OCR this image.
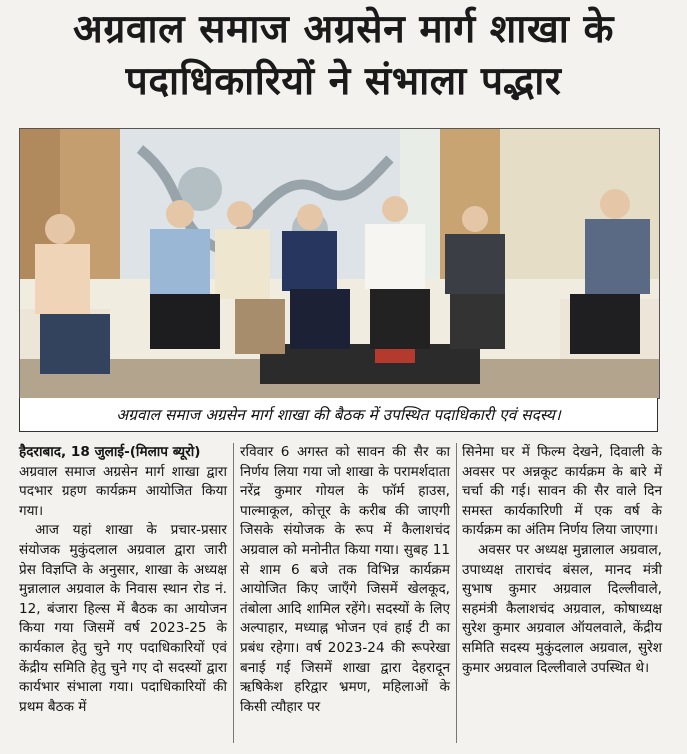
अग्रवाल समाज अग्रसेन मार्ग शाखा के
पदाधिकारियों ने संभाला पद्भार
अग्रवाल समाज अग्रसेन मार्ग शाखा की बैठक में उपस्थित पदाधिकारी एवं सदस्य।

हैदराबाद, 18 जुलाई-(मिलाप ब्यूरो)
अग्रवाल समाज अग्रसेन मार्ग शाखा द्वारा पदभार ग्रहण कार्यक्रम आयोजित किया गया।

आज यहां शाखा के प्रचार-प्रसार संयोजक मुकुंदलाल अग्रवाल द्वारा जारी प्रेस विज्ञप्ति के अनुसार, शाखा के अध्यक्ष मुन्नालाल अग्रवाल के निवास स्थान रोड नं. 12, बंजारा हिल्स में बैठक का आयोजन किया गया जिसमें वर्ष 2023-25 के कार्यकाल हेतु चुने गए पदाधिकारियों एवं केंद्रीय समिति हेतु चुने गए दो सदस्यों द्वारा कार्यभार संभाला गया। पदाधिकारियों की प्रथम बैठक में

रविवार 6 अगस्त को सावन की सैर का निर्णय लिया गया जो शाखा के परामर्शदाता नरेंद्र कुमार गोयल के फॉर्म हाउस, पाल्माकूल, कोत्तूर के करीब की जाएगी जिसके संयोजक के रूप में कैलाशचंद अग्रवाल को मनोनीत किया गया। सुबह 11 से शाम 6 बजे तक विभिन्न कार्यक्रम आयोजित किए जाएँगे जिसमें खेलकूद, तंबोला आदि शामिल रहेंगे। सदस्यों के लिए अल्पाहार, मध्याह्न भोजन एवं हाई टी का प्रबंध रहेगा। वर्ष 2023-24 की रूपरेखा बनाई गई जिसमें शाखा द्वारा देहरादून ऋषिकेश हरिद्वार भ्रमण, महिलाओं के किसी त्यौहार पर

सिनेमा घर में फिल्म देखने, दिवाली के अवसर पर अन्नकूट कार्यक्रम के बारे में चर्चा की गई। सावन की सैर वाले दिन समस्त कार्यकारिणी में एक वर्ष के कार्यक्रम का अंतिम निर्णय लिया जाएगा।

अवसर पर अध्यक्ष मुन्नालाल अग्रवाल, उपाध्यक्ष ताराचंद बंसल, मानद मंत्री सुभाष कुमार अग्रवाल दिल्लीवाले, सहमंत्री कैलाशचंद अग्रवाल, कोषाध्यक्ष सुरेश कुमार अग्रवाल ऑयलवाले, केंद्रीय समिति सदस्य मुकुंदलाल अग्रवाल, सुरेश कुमार अग्रवाल दिल्लीवाले उपस्थित थे।
